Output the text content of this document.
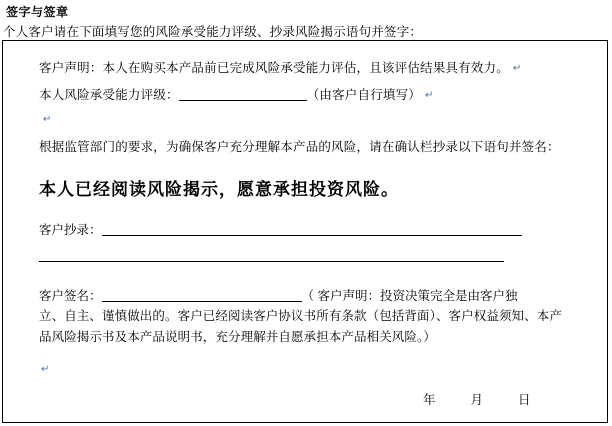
签字与签章
个人客户请在下面填写您的风险承受能力评级、抄录风险揭示语句并签字：
客户声明：本人在购买本产品前已完成风险承受能力评估，且该评估结果具有效力。 ↵
本人风险承受能力评级：	（由客户自行填写） ↵
↵
根据监管部门的要求，为确保客户充分理解本产品的风险，请在确认栏抄录以下语句并签名：
本人已经阅读风险揭示，愿意承担投资风险。
客户抄录：
客户签名：	（ 客户声明：投资决策完全是由客户独
立、自主、谨慎做出的。客户已经阅读客户协议书所有条款（包括背面）、客户权益须知、本产品风险揭示书及本产品说明书，充分理解并自愿承担本产品相关风险。）
↵
年	月	日
